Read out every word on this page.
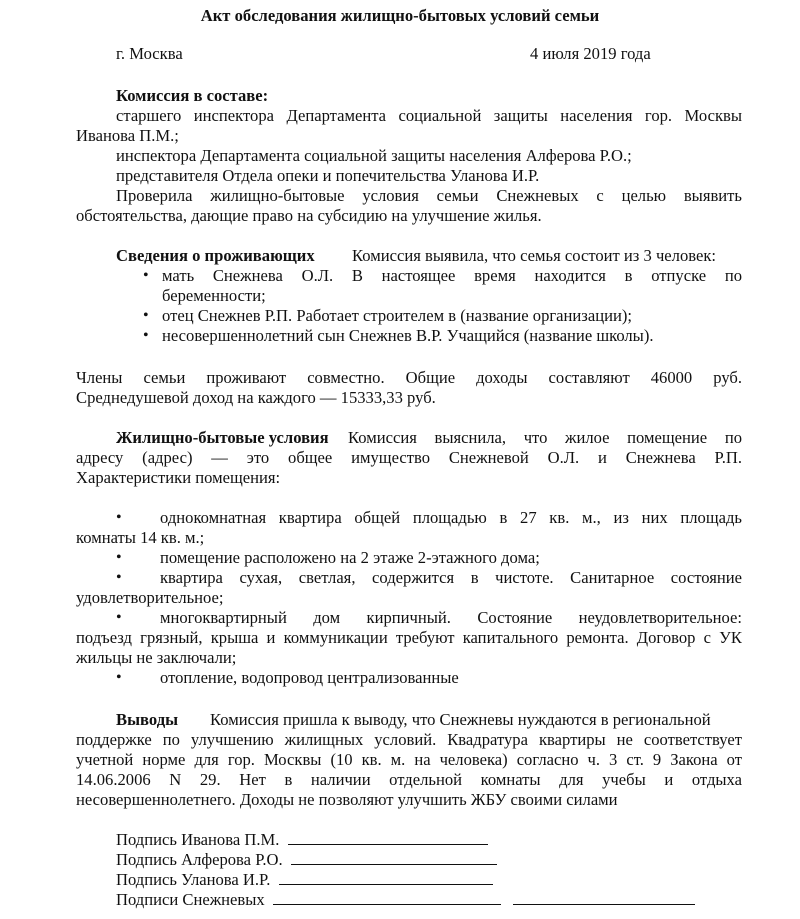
Акт обследования жилищно-бытовых условий семьи
г. Москва	4 июля 2019 года
Комиссия в составе:
старшего инспектора Департамента социальной защиты населения гор. Москвы
Иванова П.М.;
инспектора Департамента социальной защиты населения Алферова Р.О.;
представителя Отдела опеки и попечительства Уланова И.Р.
Проверила жилищно-бытовые условия семьи Снежневых с целью выявить
обстоятельства, дающие право на субсидию на улучшение жилья.
Сведения о проживающих Комиссия выявила, что семья состоит из 3 человек:
• мать Снежнева О.Л. В настоящее время находится в отпуске по
беременности;
• отец Снежнев Р.П. Работает строителем в (название организации);
• несовершеннолетний сын Снежнев В.Р. Учащийся (название школы).
Члены семьи проживают совместно. Общие доходы составляют 46000 руб.
Среднедушевой доход на каждого — 15333,33 руб.
Жилищно-бытовые условия Комиссия выяснила, что жилое помещение по
адресу (адрес) — это общее имущество Снежневой О.Л. и Снежнева Р.П.
Характеристики помещения:
• однокомнатная квартира общей площадью в 27 кв. м., из них площадь
комнаты 14 кв. м.;
• помещение расположено на 2 этаже 2-этажного дома;
• квартира сухая, светлая, содержится в чистоте. Санитарное состояние
удовлетворительное;
• многоквартирный дом кирпичный. Состояние неудовлетворительное:
подъезд грязный, крыша и коммуникации требуют капитального ремонта. Договор с УК
жильцы не заключали;
• отопление, водопровод централизованные
Выводы Комиссия пришла к выводу, что Снежневы нуждаются в региональной
поддержке по улучшению жилищных условий. Квадратура квартиры не соответствует
учетной норме для гор. Москвы (10 кв. м. на человека) согласно ч. 3 ст. 9 Закона от
14.06.2006 N 29. Нет в наличии отдельной комнаты для учебы и отдыха
несовершеннолетнего. Доходы не позволяют улучшить ЖБУ своими силами
Подпись Иванова П.М.
Подпись Алферова Р.О.
Подпись Уланова И.Р.
Подписи Снежневых
